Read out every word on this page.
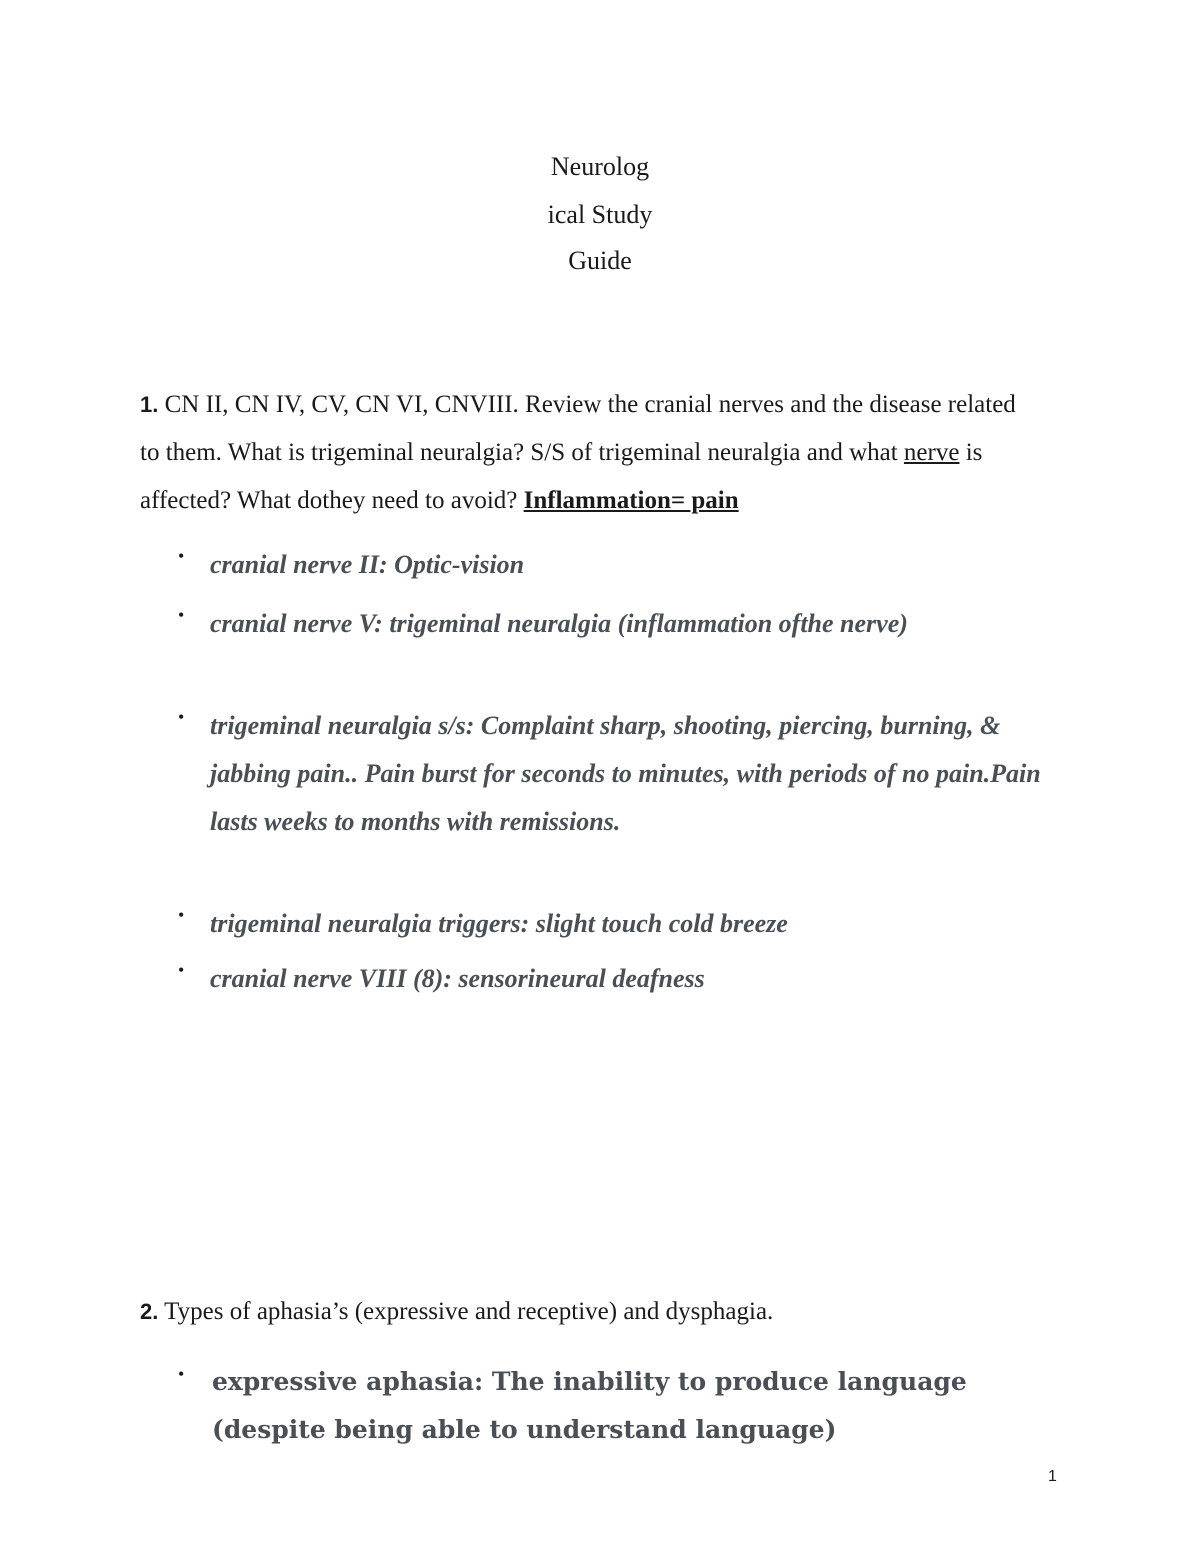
Neurolog
ical Study
Guide
1. CN II, CN IV, CV, CN VI, CNVIII. Review the cranial nerves and the disease related to them. What is trigeminal neuralgia? S/S of trigeminal neuralgia and what nerve is affected? What dothey need to avoid? Inflammation= pain
• cranial nerve II: Optic-vision
• cranial nerve V: trigeminal neuralgia (inflammation ofthe nerve)
• trigeminal neuralgia s/s: Complaint sharp, shooting, piercing, burning, & jabbing pain.. Pain burst for seconds to minutes, with periods of no pain.Pain lasts weeks to months with remissions.
• trigeminal neuralgia triggers: slight touch cold breeze
• cranial nerve VIII (8): sensorineural deafness
2. Types of aphasia’s (expressive and receptive) and dysphagia.
• expressive aphasia: The inability to produce language (despite being able to understand language)
1
